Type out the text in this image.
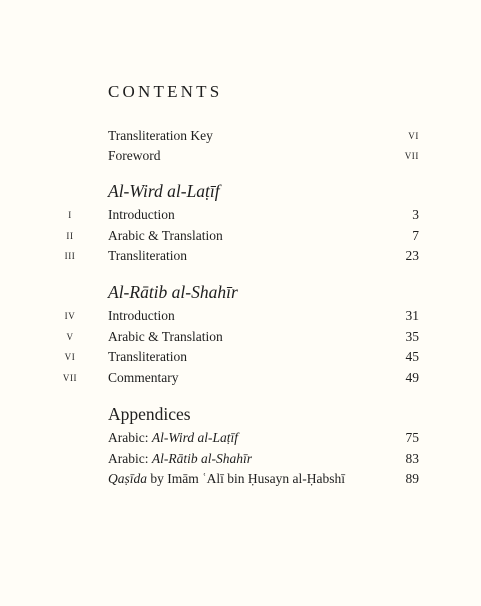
CONTENTS
Transliteration Key	VI
Foreword	VII
Al-Wird al-Laṭīf
I	Introduction	3
II	Arabic & Translation	7
III	Transliteration	23
Al-Rātib al-Shahīr
IV	Introduction	31
V	Arabic & Translation	35
VI	Transliteration	45
VII	Commentary	49
Appendices
Arabic: Al-Wird al-Laṭīf	75
Arabic: Al-Rātib al-Shahīr	83
Qaṣīda by Imām ʿAlī bin Ḥusayn al-Ḥabshī	89
